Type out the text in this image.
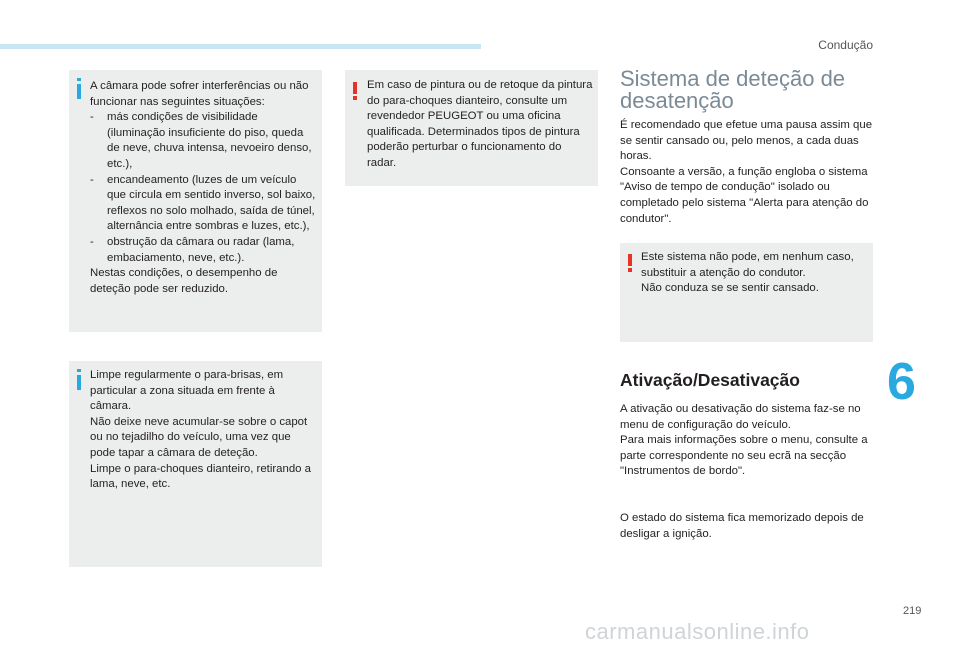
Condução

A câmara pode sofrer interferências ou não funcionar nas seguintes situações:

- más condições de visibilidade (iluminação insuficiente do piso, queda de neve, chuva intensa, nevoeiro denso, etc.),

- encandeamento (luzes de um veículo que circula em sentido inverso, sol baixo, reflexos no solo molhado, saída de túnel, alternância entre sombras e luzes, etc.),

- obstrução da câmara ou radar (lama, embaciamento, neve, etc.).

Nestas condições, o desempenho de deteção pode ser reduzido.

Limpe regularmente o para-brisas, em particular a zona situada em frente à câmara.

Não deixe neve acumular-se sobre o capot ou no tejadilho do veículo, uma vez que pode tapar a câmara de deteção.

Limpe o para-choques dianteiro, retirando a lama, neve, etc.

Em caso de pintura ou de retoque da pintura do para-choques dianteiro, consulte um revendedor PEUGEOT ou uma oficina qualificada. Determinados tipos de pintura poderão perturbar o funcionamento do radar.

Sistema de deteção de desatenção

É recomendado que efetue uma pausa assim que se sentir cansado ou, pelo menos, a cada duas horas.

Consoante a versão, a função engloba o sistema "Aviso de tempo de condução" isolado ou completado pelo sistema "Alerta para atenção do condutor".

Este sistema não pode, em nenhum caso, substituir a atenção do condutor.

Não conduza se se sentir cansado.

Ativação/Desativação

A ativação ou desativação do sistema faz-se no menu de configuração do veículo.

Para mais informações sobre o menu, consulte a parte correspondente no seu ecrã na secção "Instrumentos de bordo".

O estado do sistema fica memorizado depois de desligar a ignição.

6
219
carmanualsonline.info
